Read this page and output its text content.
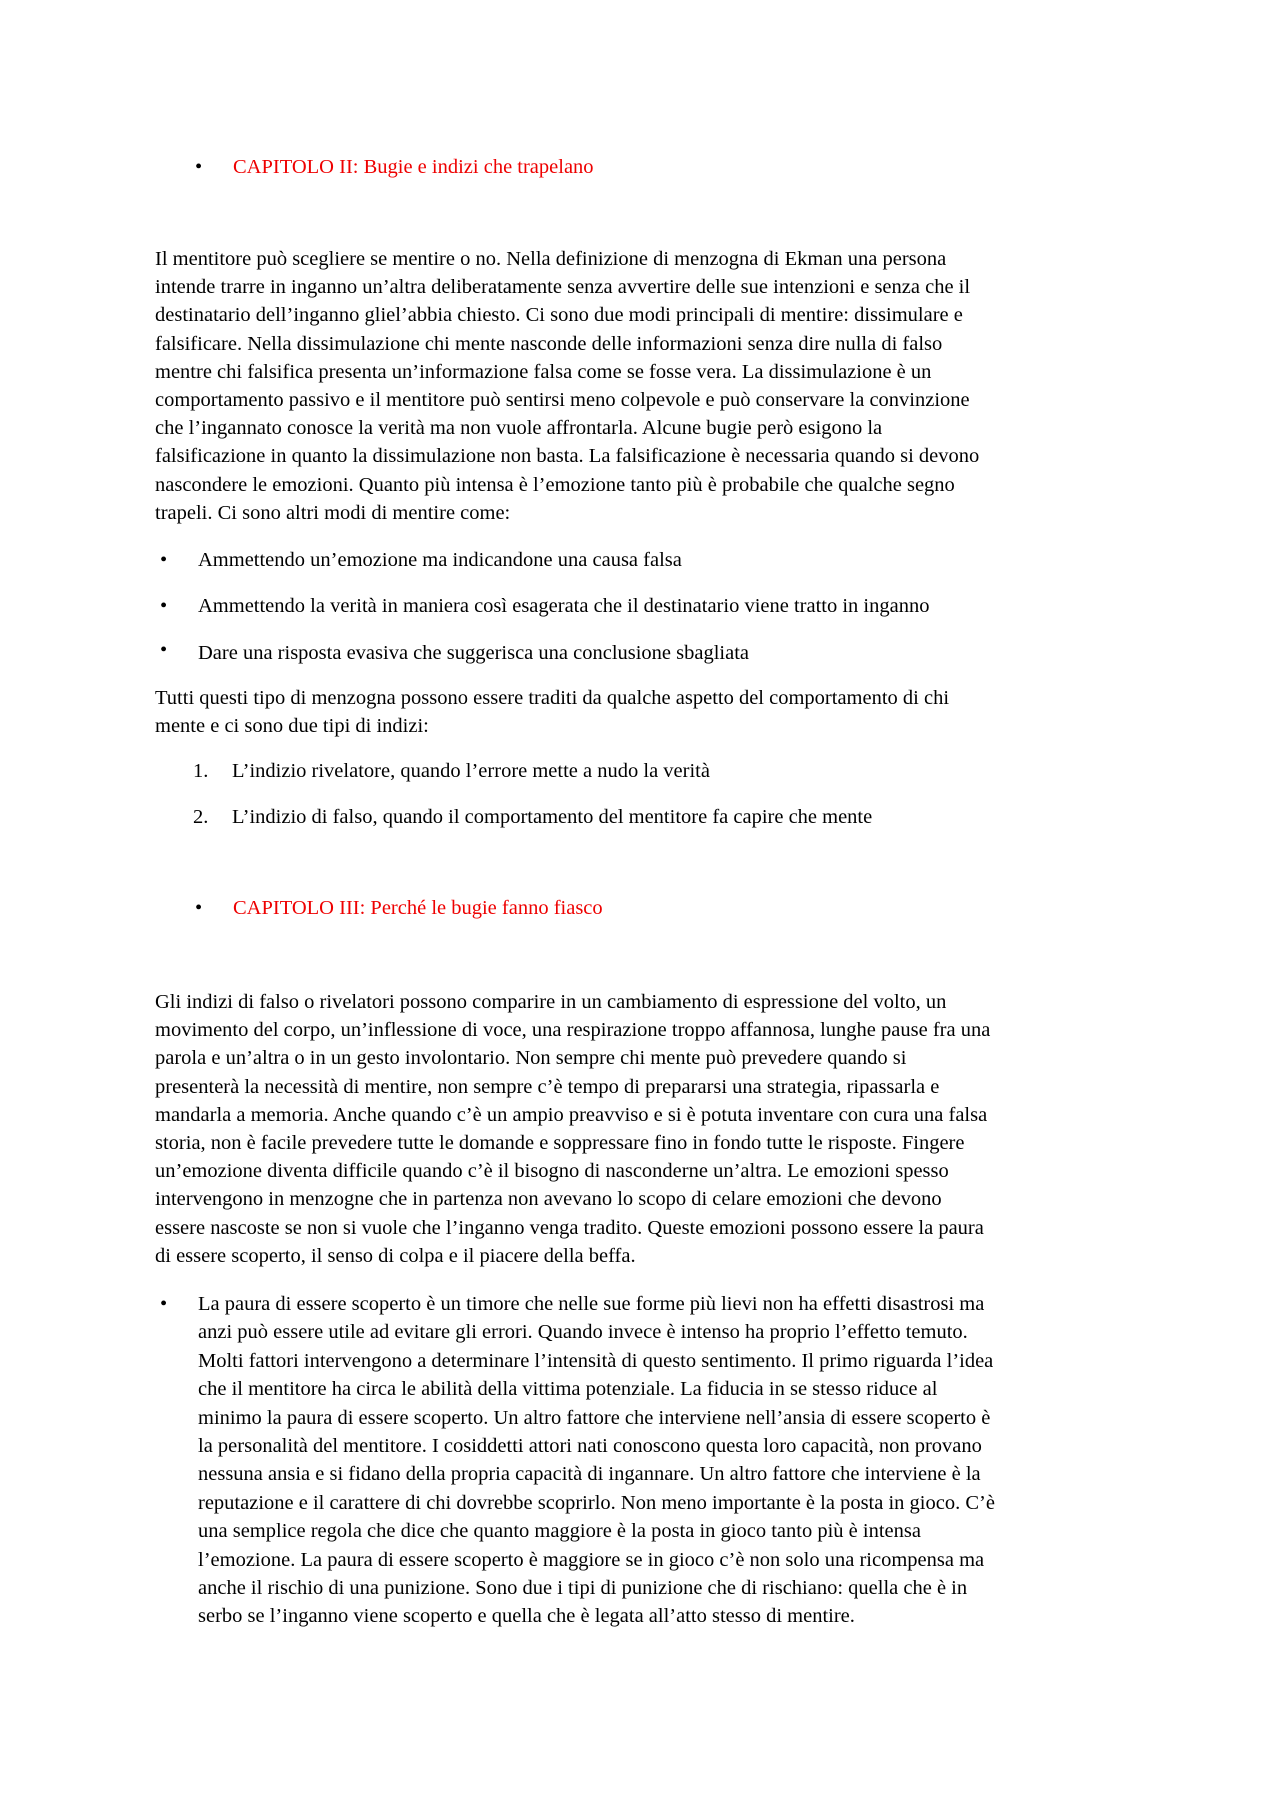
•	CAPITOLO II: Bugie e indizi che trapelano
Il mentitore può scegliere se mentire o no. Nella definizione di menzogna di Ekman una persona
intende trarre in inganno un’altra deliberatamente senza avvertire delle sue intenzioni e senza che il
destinatario dell’inganno gliel’abbia chiesto. Ci sono due modi principali di mentire: dissimulare e
falsificare. Nella dissimulazione chi mente nasconde delle informazioni senza dire nulla di falso
mentre chi falsifica presenta un’informazione falsa come se fosse vera. La dissimulazione è un
comportamento passivo e il mentitore può sentirsi meno colpevole e può conservare la convinzione
che l’ingannato conosce la verità ma non vuole affrontarla. Alcune bugie però esigono la
falsificazione in quanto la dissimulazione non basta. La falsificazione è necessaria quando si devono
nascondere le emozioni. Quanto più intensa è l’emozione tanto più è probabile che qualche segno
trapeli. Ci sono altri modi di mentire come:
•	Ammettendo un’emozione ma indicandone una causa falsa
•	Ammettendo la verità in maniera così esagerata che il destinatario viene tratto in inganno
•	Dare una risposta evasiva che suggerisca una conclusione sbagliata
Tutti questi tipo di menzogna possono essere traditi da qualche aspetto del comportamento di chi
mente e ci sono due tipi di indizi:
1.	L’indizio rivelatore, quando l’errore mette a nudo la verità
2.	L’indizio di falso, quando il comportamento del mentitore fa capire che mente
•	CAPITOLO III: Perché le bugie fanno fiasco
Gli indizi di falso o rivelatori possono comparire in un cambiamento di espressione del volto, un
movimento del corpo, un’inflessione di voce, una respirazione troppo affannosa, lunghe pause fra una
parola e un’altra o in un gesto involontario. Non sempre chi mente può prevedere quando si
presenterà la necessità di mentire, non sempre c’è tempo di prepararsi una strategia, ripassarla e
mandarla a memoria. Anche quando c’è un ampio preavviso e si è potuta inventare con cura una falsa
storia, non è facile prevedere tutte le domande e soppressare fino in fondo tutte le risposte. Fingere
un’emozione diventa difficile quando c’è il bisogno di nasconderne un’altra. Le emozioni spesso
intervengono in menzogne che in partenza non avevano lo scopo di celare emozioni che devono
essere nascoste se non si vuole che l’inganno venga tradito. Queste emozioni possono essere la paura
di essere scoperto, il senso di colpa e il piacere della beffa.
•	La paura di essere scoperto è un timore che nelle sue forme più lievi non ha effetti disastrosi ma
anzi può essere utile ad evitare gli errori. Quando invece è intenso ha proprio l’effetto temuto.
Molti fattori intervengono a determinare l’intensità di questo sentimento. Il primo riguarda l’idea
che il mentitore ha circa le abilità della vittima potenziale. La fiducia in se stesso riduce al
minimo la paura di essere scoperto. Un altro fattore che interviene nell’ansia di essere scoperto è
la personalità del mentitore. I cosiddetti attori nati conoscono questa loro capacità, non provano
nessuna ansia e si fidano della propria capacità di ingannare. Un altro fattore che interviene è la
reputazione e il carattere di chi dovrebbe scoprirlo. Non meno importante è la posta in gioco. C’è
una semplice regola che dice che quanto maggiore è la posta in gioco tanto più è intensa
l’emozione. La paura di essere scoperto è maggiore se in gioco c’è non solo una ricompensa ma
anche il rischio di una punizione. Sono due i tipi di punizione che di rischiano: quella che è in
serbo se l’inganno viene scoperto e quella che è legata all’atto stesso di mentire.
